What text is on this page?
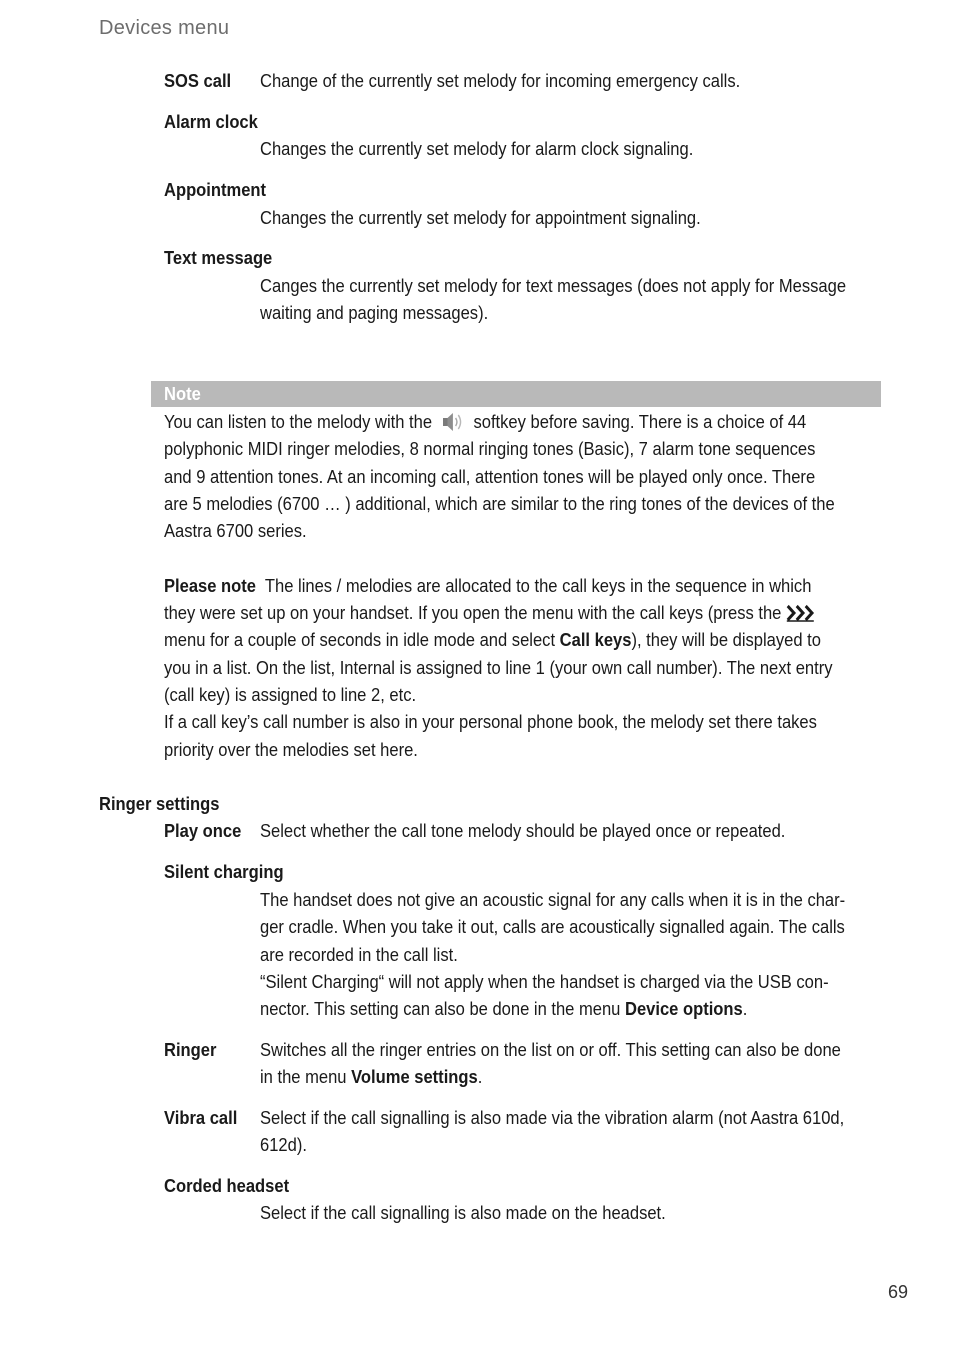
Devices menu
SOS call Change of the currently set melody for incoming emergency calls.
Alarm clock
Changes the currently set melody for alarm clock signaling.
Appointment
Changes the currently set melody for appointment signaling.
Text message
Canges the currently set melody for text messages (does not apply for Message
waiting and paging messages).
Note
You can listen to the melody with the softkey before saving. There is a choice of 44
polyphonic MIDI ringer melodies, 8 normal ringing tones (Basic), 7 alarm tone sequences
and 9 attention tones. At an incoming call, attention tones will be played only once. There
are 5 melodies (6700 … ) additional, which are similar to the ring tones of the devices of the
Aastra 6700 series.
Please note The lines / melodies are allocated to the call keys in the sequence in which
they were set up on your handset. If you open the menu with the call keys (press the
menu for a couple of seconds in idle mode and select Call keys), they will be displayed to
you in a list. On the list, Internal is assigned to line 1 (your own call number). The next entry
(call key) is assigned to line 2, etc.
If a call key’s call number is also in your personal phone book, the melody set there takes
priority over the melodies set here.
Ringer settings
Play once Select whether the call tone melody should be played once or repeated.
Silent charging
The handset does not give an acoustic signal for any calls when it is in the char-
ger cradle. When you take it out, calls are acoustically signalled again. The calls
are recorded in the call list.
“Silent Charging“ will not apply when the handset is charged via the USB con-
nector. This setting can also be done in the menu Device options.
Ringer Switches all the ringer entries on the list on or off. This setting can also be done
in the menu Volume settings.
Vibra call Select if the call signalling is also made via the vibration alarm (not Aastra 610d,
612d).
Corded headset
Select if the call signalling is also made on the headset.
69
